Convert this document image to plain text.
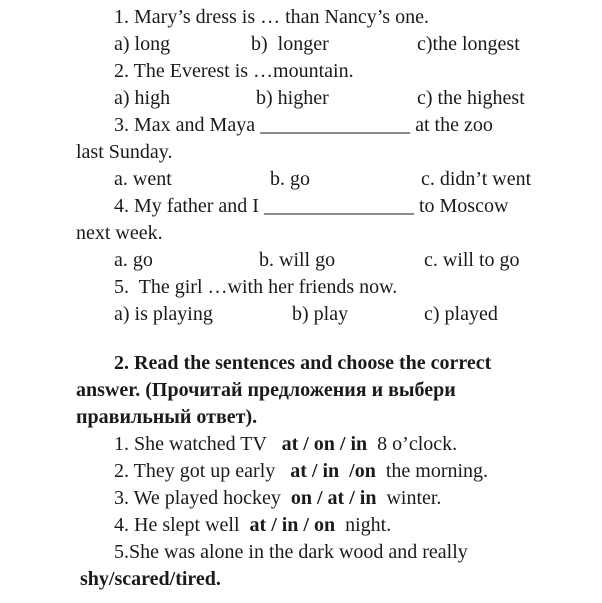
1. Mary’s dress is … than Nancy’s one.
a) long	b)  longer	c)the longest
2. The Everest is …mountain.
a) high	b) higher	c) the highest
3. Max and Maya _______________ at the zoo
last Sunday.
a. went	b. go	c. didn’t went
4. My father and I _______________ to Moscow
next week.
a. go	b. will go	c. will to go
5.  The girl …with her friends now.
a) is playing	b) play	c) played
2. Read the sentences and choose the correct
answer. (Прочитай предложения и выбери
правильный ответ).
1. She watched TV   at / on / in  8 o’clock.
2. They got up early   at / in  /on  the morning.
3. We played hockey  on / at / in  winter.
4. He slept well  at / in / on  night.
5.She was alone in the dark wood and really
shy/scared/tired.
